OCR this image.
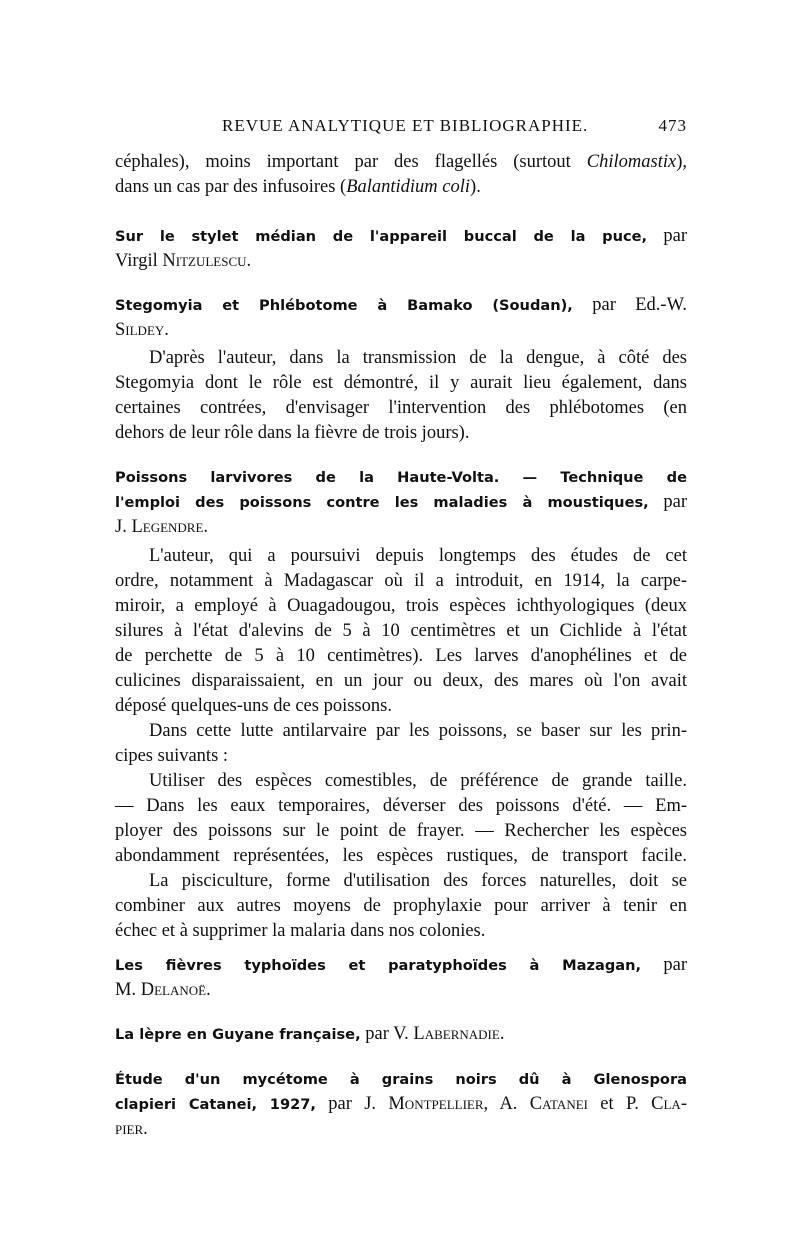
REVUE ANALYTIQUE ET BIBLIOGRAPHIE.	473
céphales), moins important par des flagellés (surtout Chilomastix),
dans un cas par des infusoires (Balantidium coli).
Sur le stylet médian de l'appareil buccal de la puce, par
Virgil Nitzulescu.
Stegomyia et Phlébotome à Bamako (Soudan), par Ed.-W.
Sildey.
D'après l'auteur, dans la transmission de la dengue, à côté des
Stegomyia dont le rôle est démontré, il y aurait lieu également, dans
certaines contrées, d'envisager l'intervention des phlébotomes (en
dehors de leur rôle dans la fièvre de trois jours).
Poissons larvivores de la Haute-Volta. — Technique de
l'emploi des poissons contre les maladies à moustiques, par
J. Legendre.
L'auteur, qui a poursuivi depuis longtemps des études de cet
ordre, notamment à Madagascar où il a introduit, en 1914, la carpe-
miroir, a employé à Ouagadougou, trois espèces ichthyologiques (deux
silures à l'état d'alevins de 5 à 10 centimètres et un Cichlide à l'état
de perchette de 5 à 10 centimètres). Les larves d'anophélines et de
culicines disparaissaient, en un jour ou deux, des mares où l'on avait
déposé quelques-uns de ces poissons.
Dans cette lutte antilarvaire par les poissons, se baser sur les prin-
cipes suivants :
Utiliser des espèces comestibles, de préférence de grande taille.
— Dans les eaux temporaires, déverser des poissons d'été. — Em-
ployer des poissons sur le point de frayer. — Rechercher les espèces
abondamment représentées, les espèces rustiques, de transport facile.
La pisciculture, forme d'utilisation des forces naturelles, doit se
combiner aux autres moyens de prophylaxie pour arriver à tenir en
échec et à supprimer la malaria dans nos colonies.
Les fièvres typhoïdes et paratyphoïdes à Mazagan, par
M. Delanoë.
La lèpre en Guyane française, par V. Labernadie.
Étude d'un mycétome à grains noirs dû à Glenospora
clapieri Catanei, 1927, par J. Montpellier, A. Catanei et P. Cla-
pier.
